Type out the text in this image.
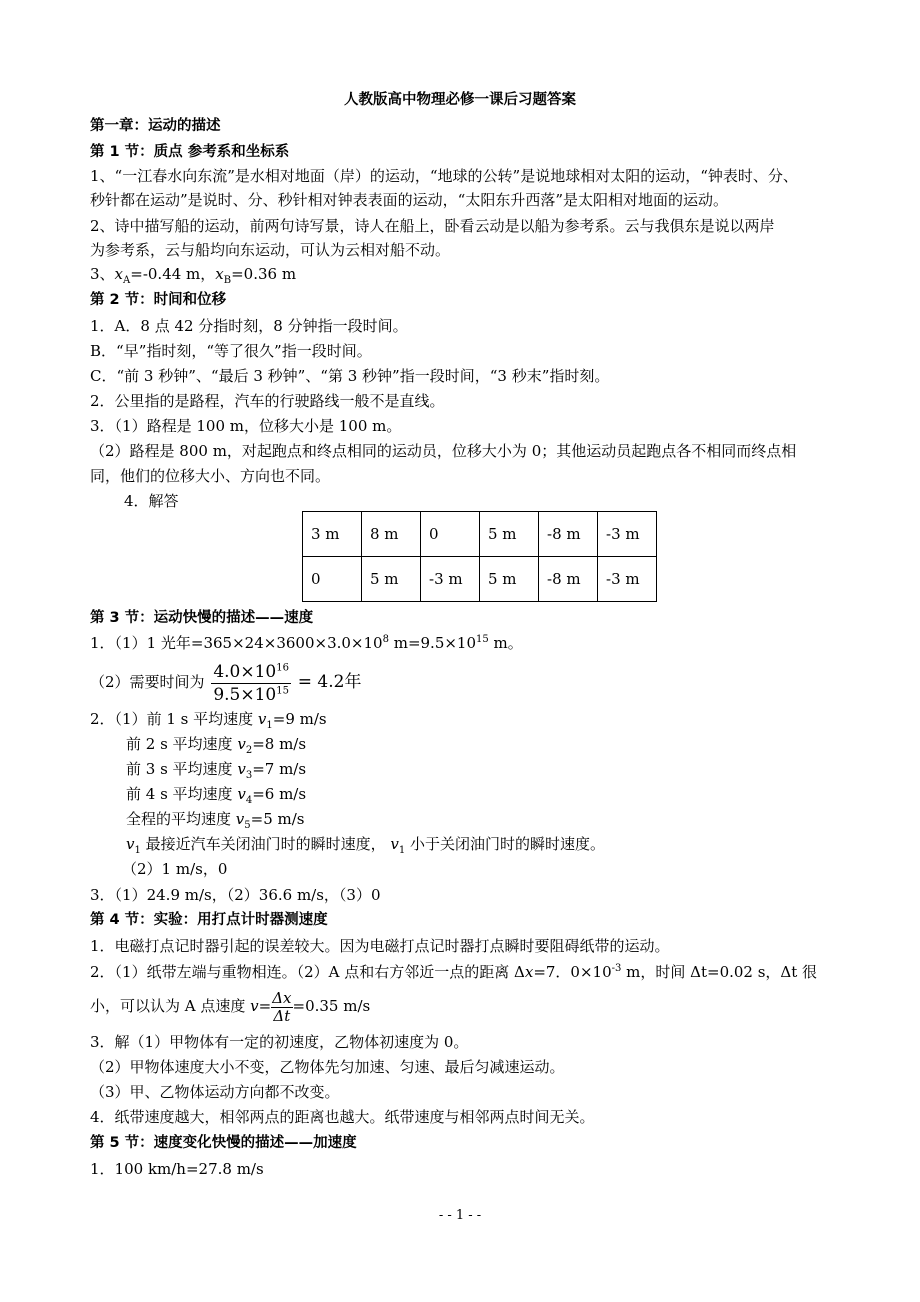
人教版高中物理必修一课后习题答案
第一章：运动的描述
第 1 节：质点 参考系和坐标系
1、“一江春水向东流”是水相对地面（岸）的运动，“地球的公转”是说地球相对太阳的运动，“钟表时、分、
秒针都在运动”是说时、分、秒针相对钟表表面的运动，“太阳东升西落”是太阳相对地面的运动。
2、诗中描写船的运动，前两句诗写景，诗人在船上，卧看云动是以船为参考系。云与我俱东是说以两岸
为参考系，云与船均向东运动，可认为云相对船不动。
3、$x_A=-0.44$ m，$x_B=0.36$ m
第 2 节：时间和位移
1．A．8 点 42 分指时刻，8 分钟指一段时间。
B．“早”指时刻，“等了很久”指一段时间。
C．“前 3 秒钟”、“最后 3 秒钟”、“第 3 秒钟”指一段时间，“3 秒末”指时刻。
2．公里指的是路程，汽车的行驶路线一般不是直线。
3．（1）路程是 100 m，位移大小是 100 m。
（2）路程是 800 m，对起跑点和终点相同的运动员，位移大小为 0；其他运动员起跑点各不相同而终点相
同，他们的位移大小、方向也不同。
4．解答
3 m	8 m	0	5 m	-8 m	-3 m
0	5 m	-3 m	5 m	-8 m	-3 m
第 3 节：运动快慢的描述——速度
1．（1）1 光年$=365\times 24\times 3600\times 3.0\times 10^8$ $m=9.5\times 10^{15}$ m。
（2）需要时间为 $\frac{4.0\times 10^{16}}{9.5\times 10^{15}} = 4.2$年
2．（1）前 1 s 平均速度 $v_1=9$ m/s
前 2 s 平均速度 $v_2=8$ m/s
前 3 s 平均速度 $v_3=7$ m/s
前 4 s 平均速度 $v_4=6$ m/s
全程的平均速度 $v_5=5$ m/s
$v_1$ 最接近汽车关闭油门时的瞬时速度， $v_1$ 小于关闭油门时的瞬时速度。
（2）1 m/s，0
3．（1）24.9 m/s，（2）36.6 m/s，（3）0
第 4 节：实验：用打点计时器测速度
1．电磁打点记时器引起的误差较大。因为电磁打点记时器打点瞬时要阻碍纸带的运动。
2．（1）纸带左端与重物相连。（2）A 点和右方邻近一点的距离 Δx=7．$0\times 10^{-3}$ m，时间 Δt=0.02 s，Δt 很
小，可以认为 A 点速度 $v= \frac{\Delta x}{\Delta t} =0.35$ m/s
3．解（1）甲物体有一定的初速度，乙物体初速度为 0。
（2）甲物体速度大小不变，乙物体先匀加速、匀速、最后匀减速运动。
（3）甲、乙物体运动方向都不改变。
4．纸带速度越大，相邻两点的距离也越大。纸带速度与相邻两点时间无关。
第 5 节：速度变化快慢的描述——加速度
1．100 km/h=27.8 m/s
- - 1 - -
